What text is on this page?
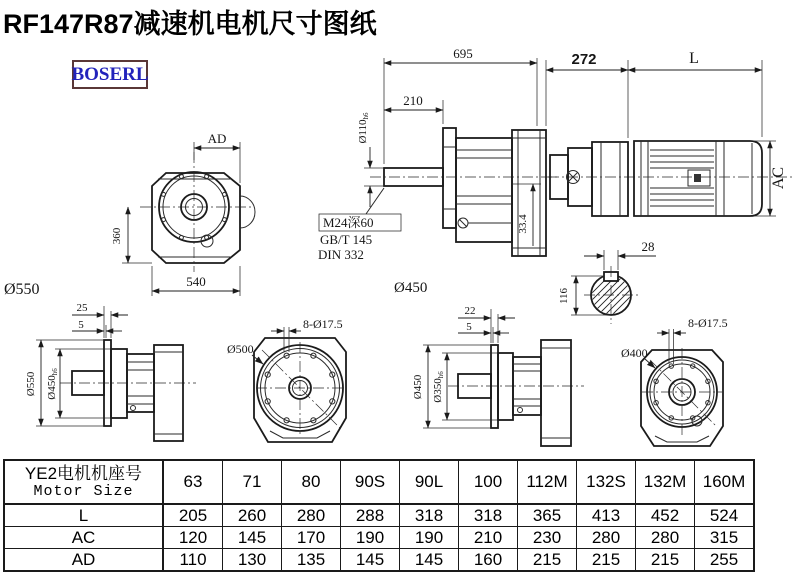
RF147R87减速机电机尺寸图纸
BOSERL
AD
360
540
Ø550
695
210
Ø110h6
M24深60
GB/T 145
DIN 332
33.4
Ø450
272	L
AC
28
116
25
5
Ø550 Ø450h6
8-Ø17.5
Ø500
22
5
Ø450 Ø350h6
8-Ø17.5
Ø400
YE2电机机座号
Motor Size	63	71	80	90S	90L	100	112M	132S	132M	160M
L	205	260	280	288	318	318	365	413	452	524
AC	120	145	170	190	190	210	230	280	280	315
AD	110	130	135	145	145	160	215	215	215	255
